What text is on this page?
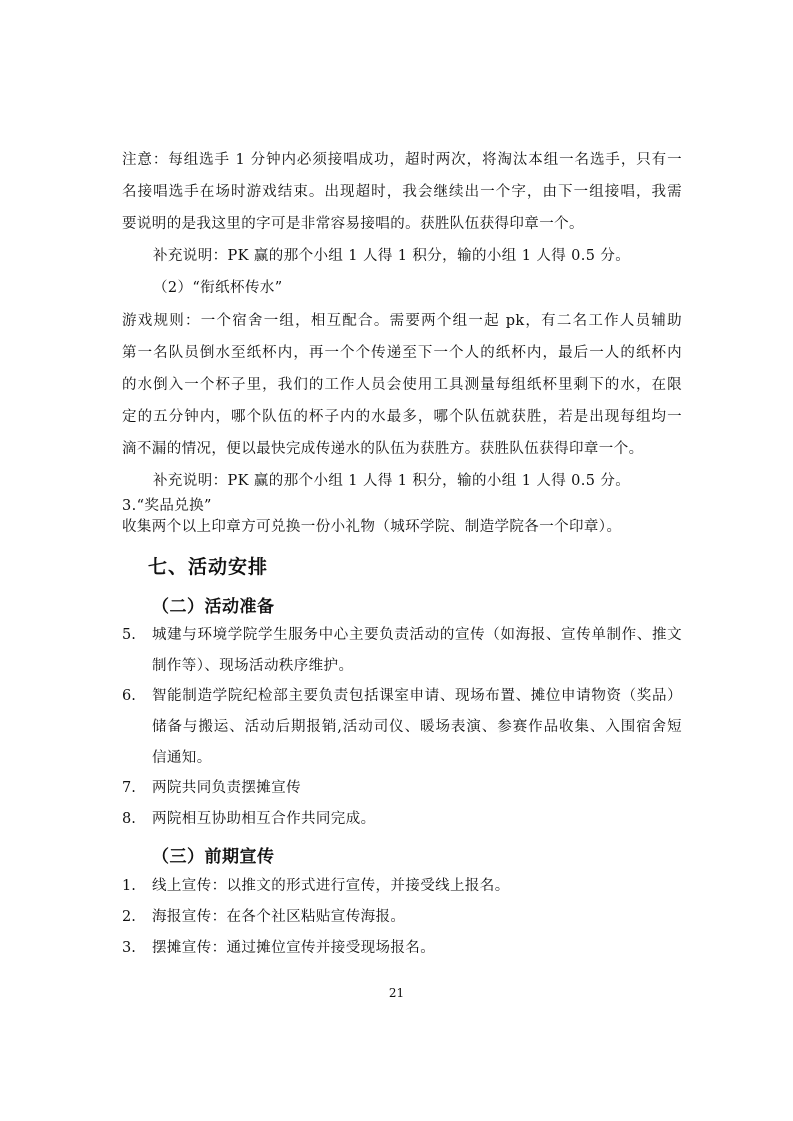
注意：每组选手 1 分钟内必须接唱成功，超时两次，将淘汰本组一名选手，只有一
名接唱选手在场时游戏结束。出现超时，我会继续出一个字，由下一组接唱，我需
要说明的是我这里的字可是非常容易接唱的。获胜队伍获得印章一个。
补充说明：PK 赢的那个小组 1 人得 1 积分，输的小组 1 人得 0.5 分。
（2）“衔纸杯传水”
游戏规则：一个宿舍一组，相互配合。需要两个组一起 pk，有二名工作人员辅助
第一名队员倒水至纸杯内，再一个个传递至下一个人的纸杯内，最后一人的纸杯内
的水倒入一个杯子里，我们的工作人员会使用工具测量每组纸杯里剩下的水，在限
定的五分钟内，哪个队伍的杯子内的水最多，哪个队伍就获胜，若是出现每组均一
滴不漏的情况，便以最快完成传递水的队伍为获胜方。获胜队伍获得印章一个。
补充说明：PK 赢的那个小组 1 人得 1 积分，输的小组 1 人得 0.5 分。
3.“奖品兑换”
收集两个以上印章方可兑换一份小礼物（城环学院、制造学院各一个印章）。
七、活动安排
（二）活动准备
5.	城建与环境学院学生服务中心主要负责活动的宣传（如海报、宣传单制作、推文
制作等）、现场活动秩序维护。
6.	智能制造学院纪检部主要负责包括课室申请、现场布置、摊位申请物资（奖品）
储备与搬运、活动后期报销,活动司仪、暖场表演、参赛作品收集、入围宿舍短
信通知。
7.	两院共同负责摆摊宣传
8.	两院相互协助相互合作共同完成。
（三）前期宣传
1.	线上宣传：以推文的形式进行宣传，并接受线上报名。
2.	海报宣传：在各个社区粘贴宣传海报。
3.	摆摊宣传：通过摊位宣传并接受现场报名。
21
